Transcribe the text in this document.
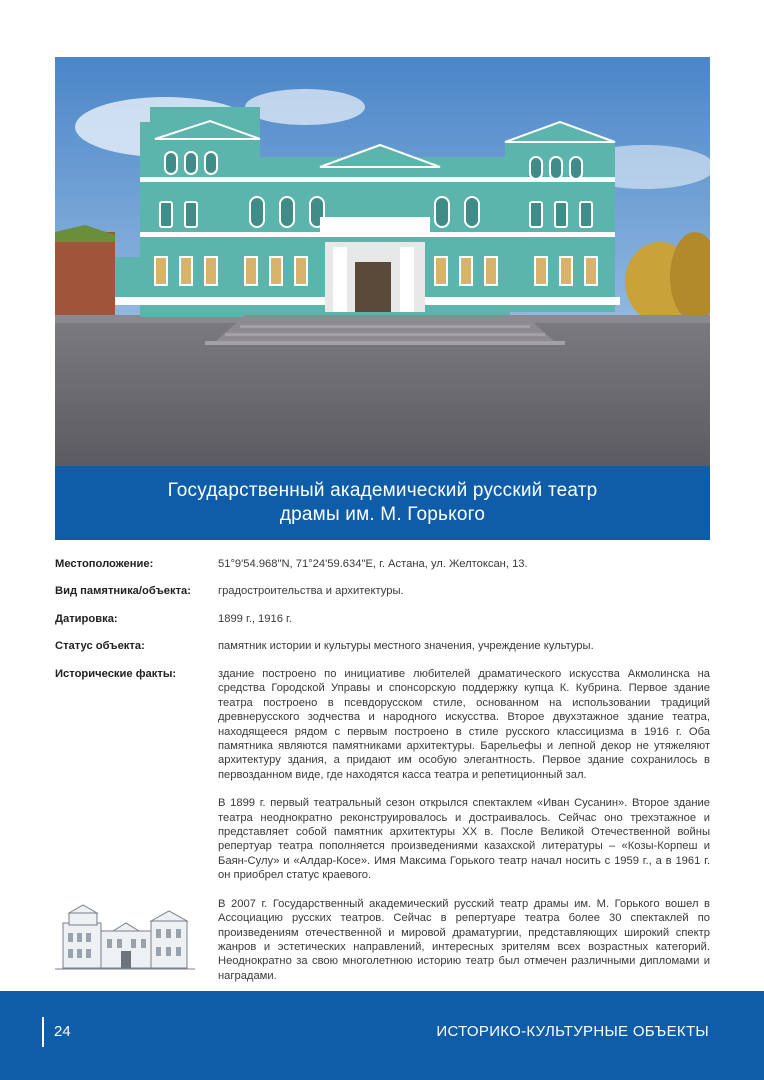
Государственный академический русский театр
драмы им. М. Горького
Местоположение:	51°9'54.968"N, 71°24'59.634"E, г. Астана, ул. Желтоксан, 13.
Вид памятника/объекта:	градостроительства и архитектуры.
Датировка:	1899 г., 1916 г.
Статус объекта:	памятник истории и культуры местного значения, учреждение культуры.
Исторические факты:	здание построено по инициативе любителей драматического искусства Акмолинска на средства Городской Управы и спонсорскую поддержку купца К. Кубрина. Первое здание театра построено в псевдорусском стиле, основанном на использовании традиций древнерусского зодчества и народного искусства. Второе двухэтажное здание театра, находящееся рядом с первым построено в стиле русского классицизма в 1916 г. Оба памятника являются памятниками архитектуры. Барельефы и лепной декор не утяжеляют архитектуру здания, а придают им особую элегантность. Первое здание сохранилось в первозданном виде, где находятся касса театра и репетиционный зал.

В 1899 г. первый театральный сезон открылся спектаклем «Иван Сусанин». Второе здание театра неоднократно реконструировалось и достраивалось. Сейчас оно трехэтажное и представляет собой памятник архитектуры XX в. После Великой Отечественной войны репертуар театра пополняется произведениями казахской литературы – «Козы-Корпеш и Баян-Сулу» и «Алдар-Косе». Имя Максима Горького театр начал носить с 1959 г., а в 1961 г. он приобрел статус краевого.

В 2007 г. Государственный академический русский театр драмы им. М. Горького вошел в Ассоциацию русских театров. Сейчас в репертуаре театра более 30 спектаклей по произведениям отечественной и мировой драматургии, представляющих широкий спектр жанров и эстетических направлений, интересных зрителям всех возрастных категорий. Неоднократно за свою многолетнюю историю театр был отмечен различными дипломами и наградами.

24	ИСТОРИКО-КУЛЬТУРНЫЕ ОБЪЕКТЫ
